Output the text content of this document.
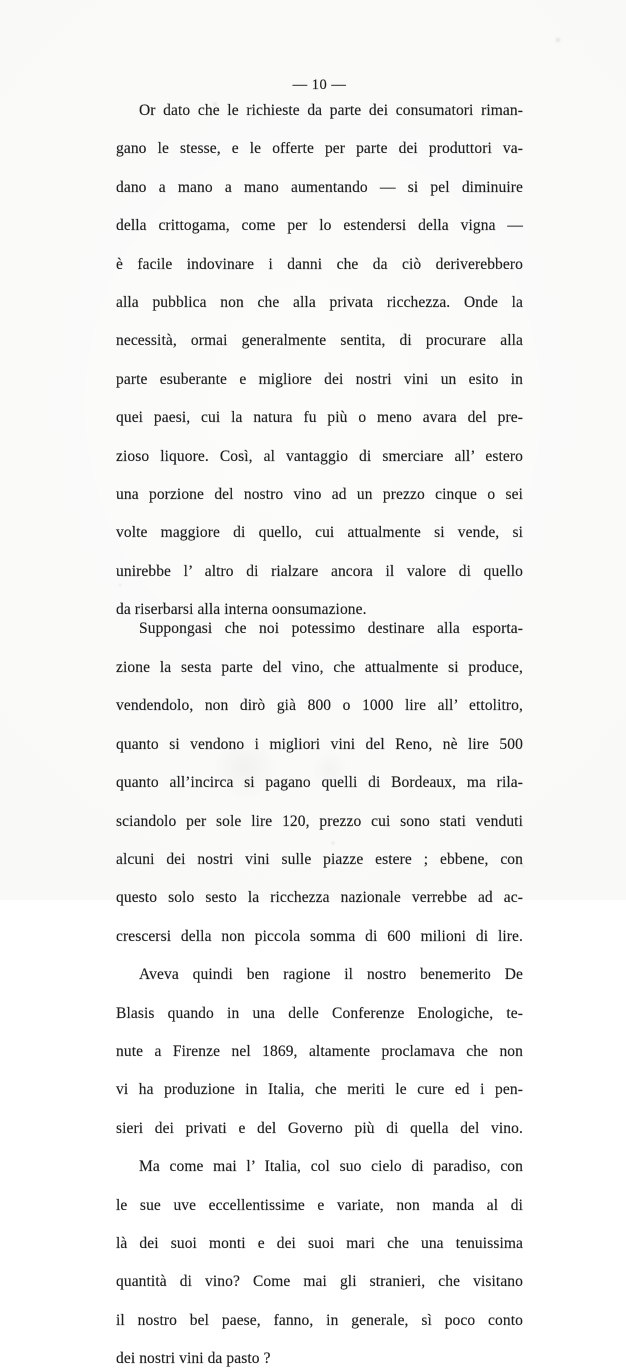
— 10 —
Or dato che le richieste da parte dei consumatori riman-
gano le stesse, e le offerte per parte dei produttori va-
dano a mano a mano aumentando — si pel diminuire
della crittogama, come per lo estendersi della vigna —
è facile indovinare i danni che da ciò deriverebbero
alla pubblica non che alla privata ricchezza. Onde la
necessità, ormai generalmente sentita, di procurare alla
parte esuberante e migliore dei nostri vini un esito in
quei paesi, cui la natura fu più o meno avara del pre-
zioso liquore. Così, al vantaggio di smerciare all’ estero
una porzione del nostro vino ad un prezzo cinque o sei
volte maggiore di quello, cui attualmente si vende, si
unirebbe l’ altro di rialzare ancora il valore di quello
da riserbarsi alla interna oonsumazione.
Suppongasi che noi potessimo destinare alla esporta-
zione la sesta parte del vino, che attualmente si produce,
vendendolo, non dirò già 800 o 1000 lire all’ ettolitro,
quanto si vendono i migliori vini del Reno, nè lire 500
quanto all’incirca si pagano quelli di Bordeaux, ma rila-
sciandolo per sole lire 120, prezzo cui sono stati venduti
alcuni dei nostri vini sulle piazze estere ; ebbene, con
questo solo sesto la ricchezza nazionale verrebbe ad ac-
crescersi della non piccola somma di 600 milioni di lire.
Aveva quindi ben ragione il nostro benemerito De
Blasis quando in una delle Conferenze Enologiche, te-
nute a Firenze nel 1869, altamente proclamava che non
vi ha produzione in Italia, che meriti le cure ed i pen-
sieri dei privati e del Governo più di quella del vino.
Ma come mai l’ Italia, col suo cielo di paradiso, con
le sue uve eccellentissime e variate, non manda al di
là dei suoi monti e dei suoi mari che una tenuissima
quantità di vino? Come mai gli stranieri, che visitano
il nostro bel paese, fanno, in generale, sì poco conto
dei nostri vini da pasto ?
